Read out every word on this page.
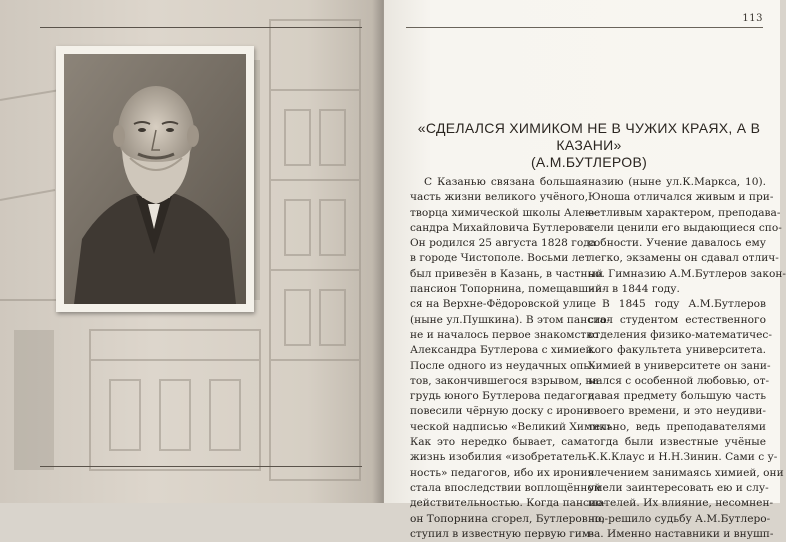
113
«СДЕЛАЛСЯ ХИМИКОМ НЕ В ЧУЖИХ КРАЯХ, А В
КАЗАНИ»
(А.М.БУТЛЕРОВ)
С Казанью связана большая
часть жизни великого учёного,
творца химической школы Алек-
сандра Михайловича Бутлерова.
Он родился 25 августа 1828 года
в городе Чистополе. Восьми лет
был привезён в Казань, в частный
пансион Топорнина, помещавший-
ся на Верхне-Фёдоровской улице
(ныне ул.Пушкина). В этом пансио-
не и началось первое знакомство
Александра Бутлерова с химией.
После одного из неудачных опы-
тов, закончившегося взрывом, на
грудь юного Бутлерова педагоги
повесили чёрную доску с ирони-
ческой надписью «Великий Химик».
Как это нередко бывает, сама
жизнь изобилия «изобретатель-
ность» педагогов, ибо их ирония
стала впоследствии воплощённой
действительностью. Когда пансио-
он Топорнина сгорел, Бутлеров по-
ступил в известную первую гим-
назию (ныне ул.К.Маркса, 10).
Юноша отличался живым и при-
ветливым характером, преподава-
тели ценили его выдающиеся спо-
собности. Учение давалось ему
легко, экзамены он сдавал отлич-
но. Гимназию А.М.Бутлеров закон-
чил в 1844 году.
В 1845 году А.М.Бутлеров
стал студентом естественного
отделения физико-математичес-
кого факультета университета.
Химией в университете он зани-
мался с особенной любовью, от-
давая предмету большую часть
своего времени, и это неудиви-
тельно, ведь преподавателями
тогда были известные учёные
К.К.Клаус и Н.Н.Зинин. Сами с у-
влечением занимаясь химией, они
умели заинтересовать ею и слу-
шателей. Их влияние, несомнен-
но, решило судьбу А.М.Бутлеро-
ва. Именно наставники и внушп-
